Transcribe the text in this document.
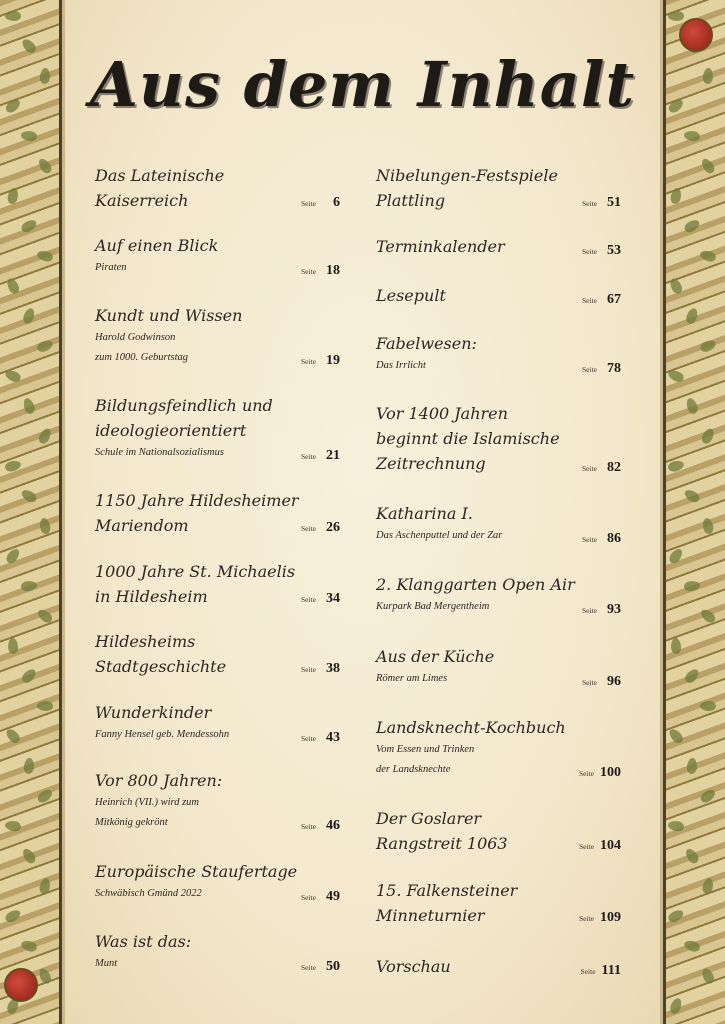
Aus dem Inhalt
Das Lateinische
Kaiserreich	Seite 6
Auf einen Blick
Piraten	Seite 18
Kundt und Wissen
Harold Godwinson
zum 1000. Geburtstag	Seite 19
Bildungsfeindlich und
ideologieorientiert
Schule im Nationalsozialismus	Seite 21
1150 Jahre Hildesheimer
Mariendom	Seite 26
1000 Jahre St. Michaelis
in Hildesheim	Seite 34
Hildesheims
Stadtgeschichte	Seite 38
Wunderkinder
Fanny Hensel geb. Mendessohn	Seite 43
Vor 800 Jahren:
Heinrich (VII.) wird zum
Mitkönig gekrönt	Seite 46
Europäische Staufertage
Schwäbisch Gmünd 2022	Seite 49
Was ist das:
Munt	Seite 50
Nibelungen-Festspiele
Plattling	Seite 51
Terminkalender	Seite 53
Lesepult	Seite 67
Fabelwesen:
Das Irrlicht	Seite 78
Vor 1400 Jahren
beginnt die Islamische
Zeitrechnung	Seite 82
Katharina I.
Das Aschenputtel und der Zar	Seite 86
2. Klanggarten Open Air
Kurpark Bad Mergentheim	Seite 93
Aus der Küche
Römer am Limes	Seite 96
Landsknecht-Kochbuch
Vom Essen und Trinken
der Landsknechte	Seite 100
Der Goslarer
Rangstreit 1063	Seite 104
15. Falkensteiner
Minneturnier	Seite 109
Vorschau	Seite 111
